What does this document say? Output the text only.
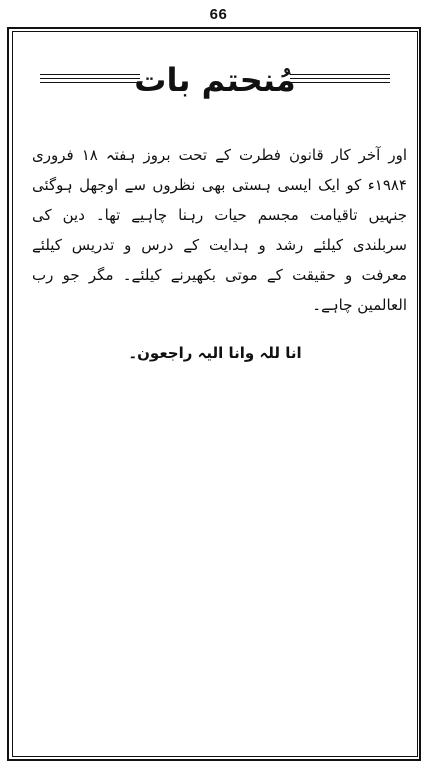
66
مُنحتم بات
اور آخر کار قانون فطرت کے تحت بروز ہفتہ ۱۸ فروری ۱۹۸۴ء کو ایک ایسی ہستی بھی نظروں سے اوجھل ہوگئی جنہیں تاقیامت مجسم حیات رہنا چاہیے تھا۔ دین کی سربلندی کیلئے رشد و ہدایت کے درس و تدریس کیلئے معرفت و حقیقت کے موتی بکھیرنے کیلئے۔ مگر جو رب العالمین چاہے۔
انا للہ وانا الیہ راجعون۔
